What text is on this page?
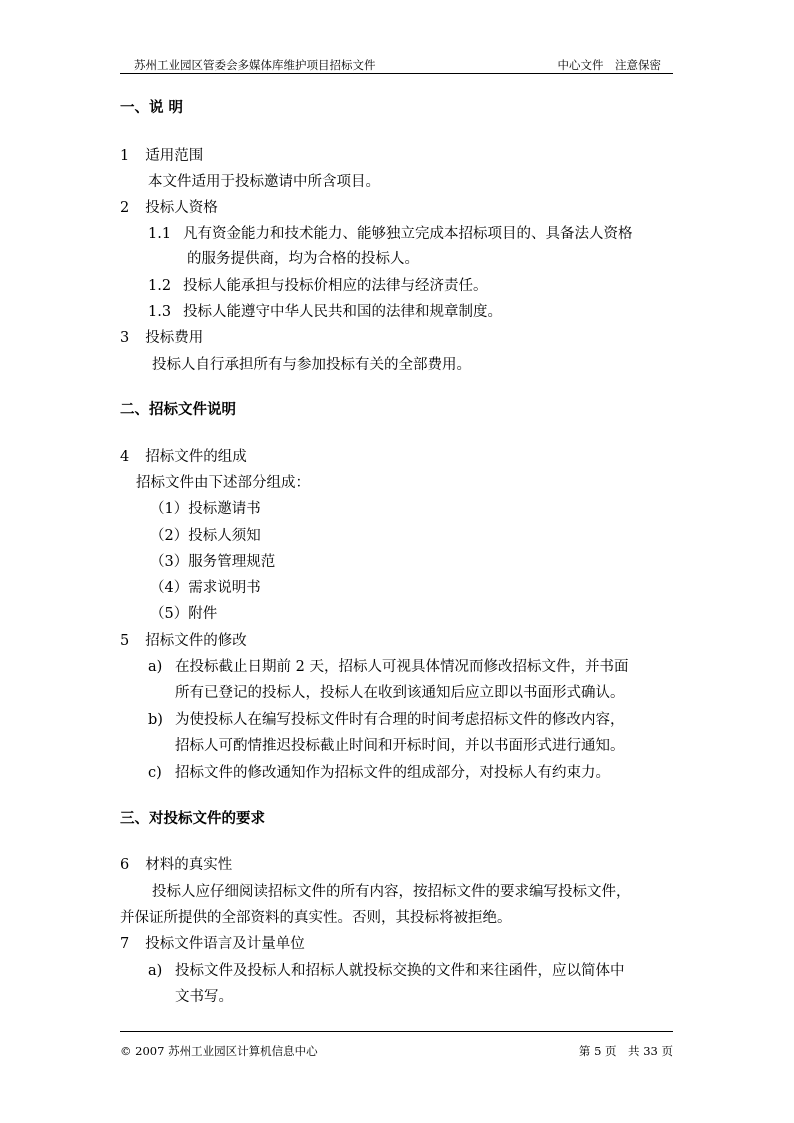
苏州工业园区管委会多媒体库维护项目招标文件	中心文件　注意保密
一、说 明
1 适用范围
本文件适用于投标邀请中所含项目。
2 投标人资格
1.1 凡有资金能力和技术能力、能够独立完成本招标项目的、具备法人资格
的服务提供商，均为合格的投标人。
1.2 投标人能承担与投标价相应的法律与经济责任。
1.3 投标人能遵守中华人民共和国的法律和规章制度。
3 投标费用
投标人自行承担所有与参加投标有关的全部费用。
二、招标文件说明
4 招标文件的组成
招标文件由下述部分组成：
（1）投标邀请书
（2）投标人须知
（3）服务管理规范
（4）需求说明书
（5）附件
5 招标文件的修改
a) 在投标截止日期前 2 天，招标人可视具体情况而修改招标文件，并书面
所有已登记的投标人，投标人在收到该通知后应立即以书面形式确认。
b) 为使投标人在编写投标文件时有合理的时间考虑招标文件的修改内容，
招标人可酌情推迟投标截止时间和开标时间，并以书面形式进行通知。
c) 招标文件的修改通知作为招标文件的组成部分，对投标人有约束力。
三、对投标文件的要求
6 材料的真实性
投标人应仔细阅读招标文件的所有内容，按招标文件的要求编写投标文件，
并保证所提供的全部资料的真实性。否则，其投标将被拒绝。
7 投标文件语言及计量单位
a) 投标文件及投标人和招标人就投标交换的文件和来往函件，应以简体中
文书写。
© 2007 苏州工业园区计算机信息中心	第 5 页　共 33 页
